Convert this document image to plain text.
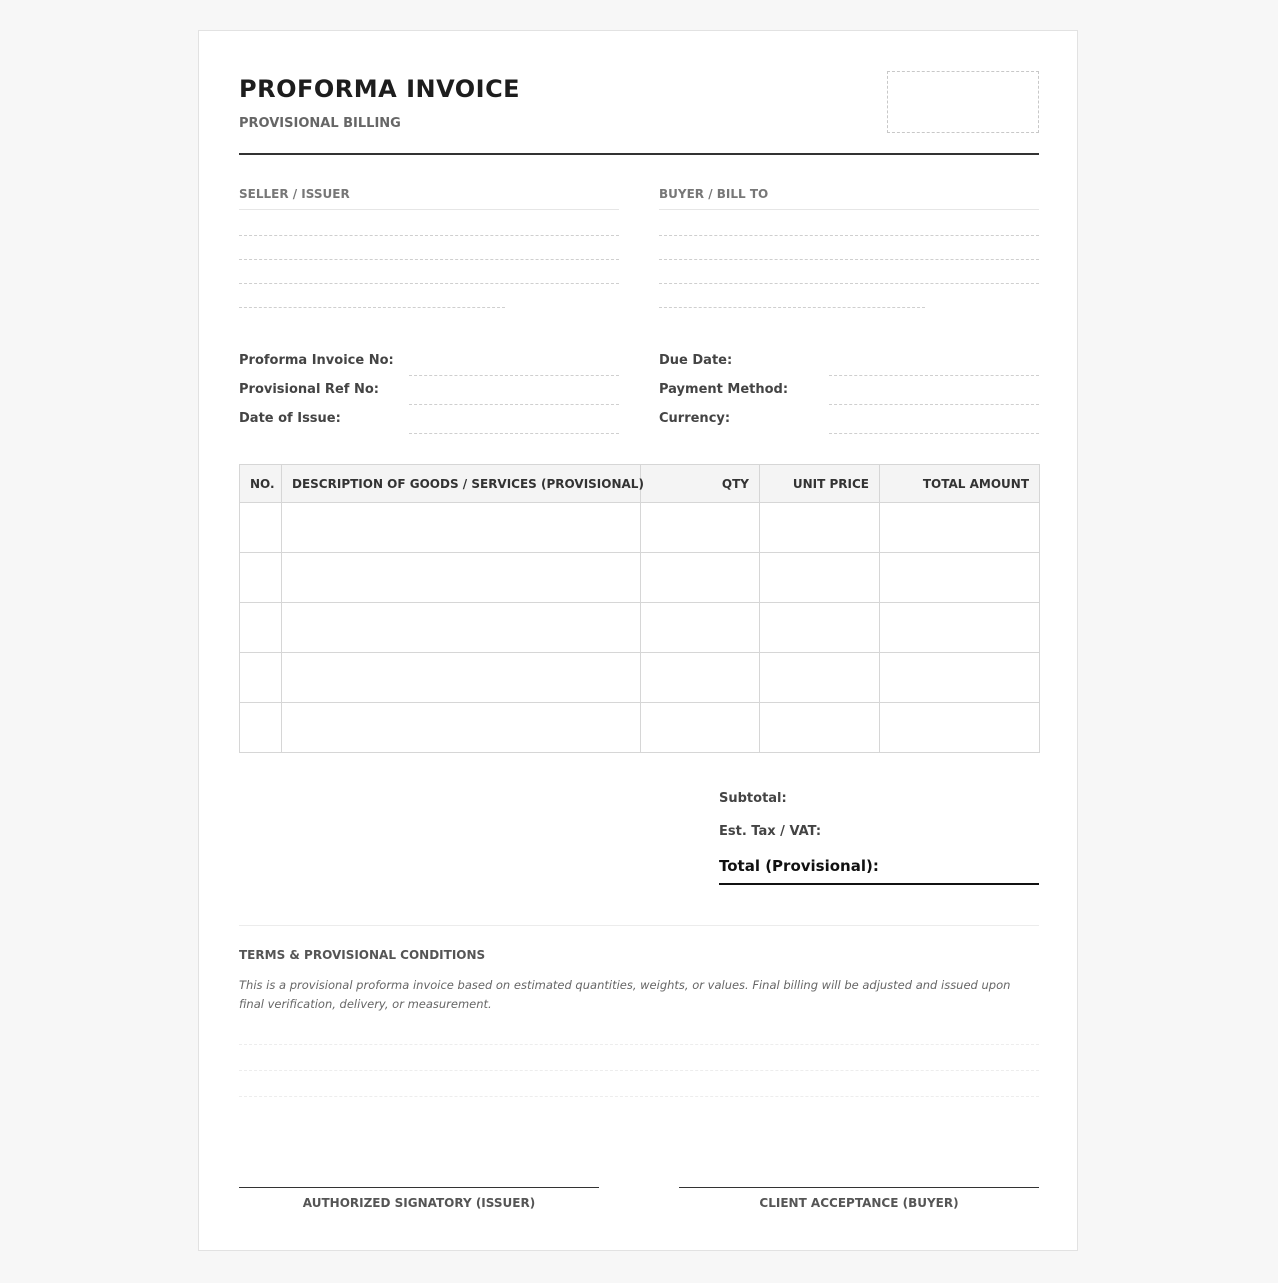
PROFORMA INVOICE
PROVISIONAL BILLING
SELLER / ISSUER	BUYER / BILL TO
Proforma Invoice No:
Provisional Ref No:
Date of Issue:
Due Date:
Payment Method:
Currency:
NO.	DESCRIPTION OF GOODS / SERVICES (PROVISIONAL)	QTY	UNIT PRICE	TOTAL AMOUNT

Subtotal:
Est. Tax / VAT:
Total (Provisional):
TERMS & PROVISIONAL CONDITIONS
This is a provisional proforma invoice based on estimated quantities, weights, or values. Final billing will be adjusted and issued upon final verification, delivery, or measurement.
AUTHORIZED SIGNATORY (ISSUER)	CLIENT ACCEPTANCE (BUYER)
